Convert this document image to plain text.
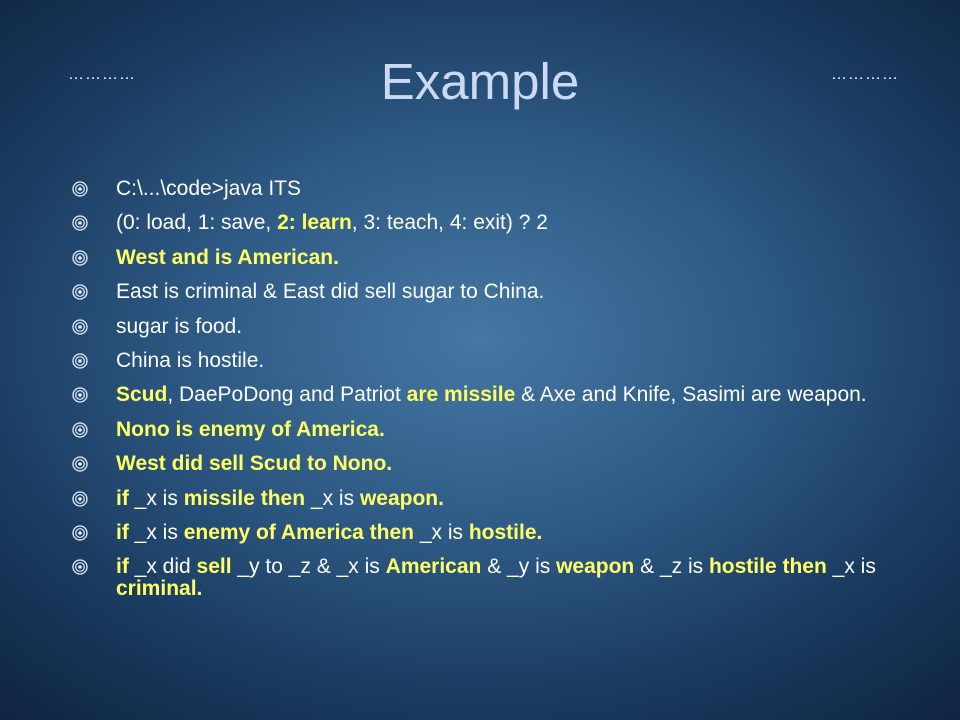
…………	…………
Example
C:\...\code>java ITS
(0: load, 1: save, 2: learn, 3: teach, 4: exit) ? 2
West and is American.
East is criminal & East did sell sugar to China.
sugar is food.
China is hostile.
Scud, DaePoDong and Patriot are missile & Axe and Knife, Sasimi are weapon.
Nono is enemy of America.
West did sell Scud to Nono.
if _x is missile then _x is weapon.
if _x is enemy of America then _x is hostile.
if _x did sell _y to _z & _x is American & _y is weapon & _z is hostile then _x is criminal.
